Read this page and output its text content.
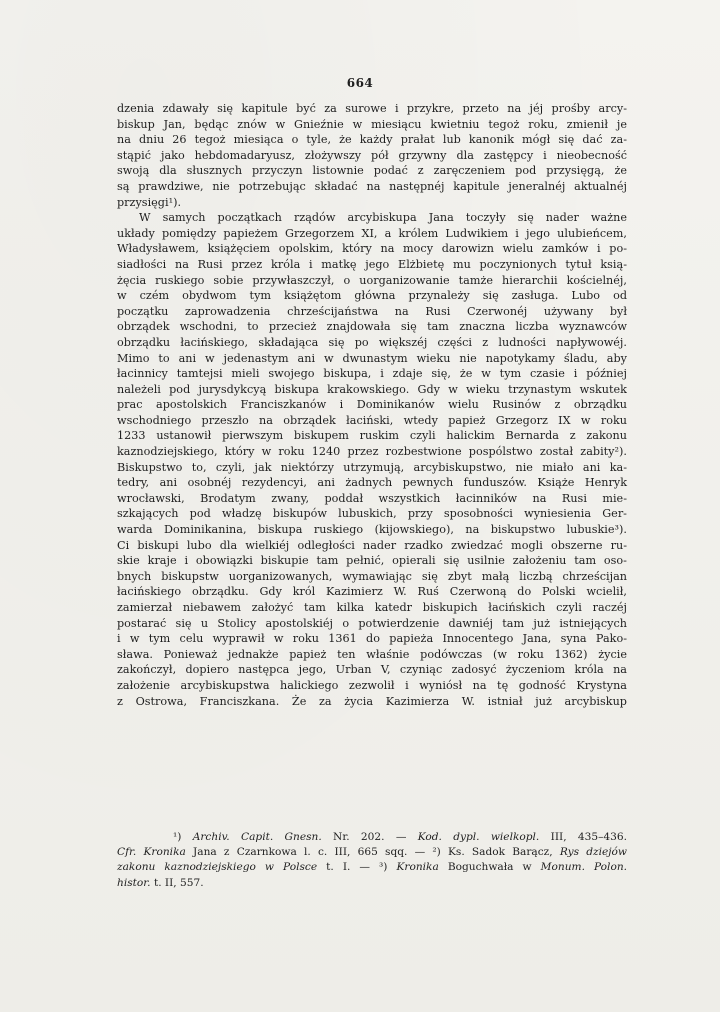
664
dzenia zdawały się kapitule być za surowe i przykre, przeto na jéj prośby arcy-
biskup Jan, będąc znów w Gnieźnie w miesiącu kwietniu tegoż roku, zmienił je
na dniu 26 tegoż miesiąca o tyle, że każdy prałat lub kanonik mógł się dać za-
stąpić jako hebdomadaryusz, złożywszy pół grzywny dla zastępcy i nieobecność
swoją dla słusznych przyczyn listownie podać z zaręczeniem pod przysięgą, że
są prawdziwe, nie potrzebując składać na następnéj kapitule jeneralnéj aktualnéj
przysięgi¹).
W samych początkach rządów arcybiskupa Jana toczyły się nader ważne
układy pomiędzy papieżem Grzegorzem XI, a królem Ludwikiem i jego ulubieńcem,
Władysławem, książęciem opolskim, który na mocy darowizn wielu zamków i po-
siadłości na Rusi przez króla i matkę jego Elżbietę mu poczynionych tytuł ksią-
żęcia ruskiego sobie przywłaszczył, o uorganizowanie tamże hierarchii kościelnéj,
w czém obydwom tym książętom główna przynależy się zasługa. Lubo od
początku zaprowadzenia chrześcijaństwa na Rusi Czerwonéj używany był
obrządek wschodni, to przecież znajdowała się tam znaczna liczba wyznawców
obrządku łacińskiego, składająca się po większéj części z ludności napływowéj.
Mimo to ani w jedenastym ani w dwunastym wieku nie napotykamy śladu, aby
łacinnicy tamtejsi mieli swojego biskupa, i zdaje się, że w tym czasie i później
należeli pod jurysdykcyą biskupa krakowskiego. Gdy w wieku trzynastym wskutek
prac apostolskich Franciszkanów i Dominikanów wielu Rusinów z obrządku
wschodniego przeszło na obrządek łaciński, wtedy papież Grzegorz IX w roku
1233 ustanowił pierwszym biskupem ruskim czyli halickim Bernarda z zakonu
kaznodziejskiego, który w roku 1240 przez rozbestwione pospólstwo został zabity²).
Biskupstwo to, czyli, jak niektórzy utrzymują, arcybiskupstwo, nie miało ani ka-
tedry, ani osobnéj rezydencyi, ani żadnych pewnych funduszów. Książe Henryk
wrocławski, Brodatym zwany, poddał wszystkich łacinników na Rusi mie-
szkających pod władzę biskupów lubuskich, przy sposobności wyniesienia Ger-
warda Dominikanina, biskupa ruskiego (kijowskiego), na biskupstwo lubuskie³).
Ci biskupi lubo dla wielkiéj odległości nader rzadko zwiedzać mogli obszerne ru-
skie kraje i obowiązki biskupie tam pełnić, opierali się usilnie założeniu tam oso-
bnych biskupstw uorganizowanych, wymawiając się zbyt małą liczbą chrześcijan
łacińskiego obrządku. Gdy król Kazimierz W. Ruś Czerwoną do Polski wcielił,
zamierzał niebawem założyć tam kilka katedr biskupich łacińskich czyli raczéj
postarać się u Stolicy apostolskiéj o potwierdzenie dawniéj tam już istniejących
i w tym celu wyprawił w roku 1361 do papieża Innocentego Jana, syna Pako-
sława. Ponieważ jednakże papież ten właśnie podówczas (w roku 1362) życie
zakończył, dopiero następca jego, Urban V, czyniąc zadosyć życzeniom króla na
założenie arcybiskupstwa halickiego zezwolił i wyniósł na tę godność Krystyna
z Ostrowa, Franciszkana. Że za życia Kazimierza W. istniał już arcybiskup
¹) Archiv. Capit. Gnesn. Nr. 202. — Kod. dypl. wielkopl. III, 435–436.
Cfr. Kronika Jana z Czarnkowa l. c. III, 665 sqq. — ²) Ks. Sadok Barącz, Rys dziejów
zakonu kaznodziejskiego w Polsce t. I. — ³) Kronika Boguchwała w Monum. Polon.
histor. t. II, 557.
